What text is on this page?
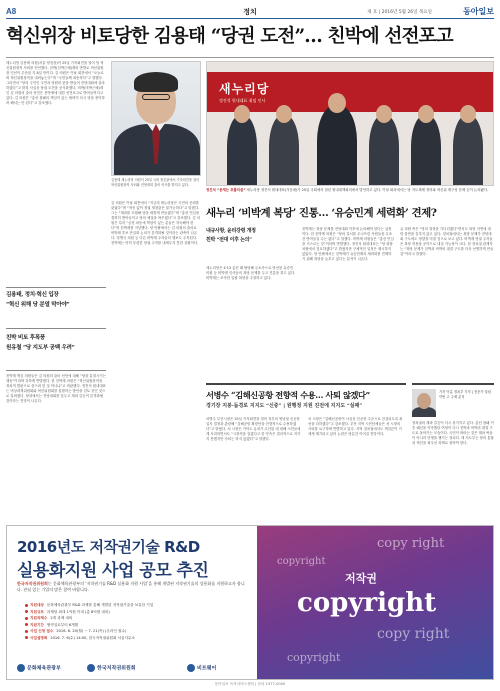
A8	정치	제 호 | 2016년 5월 26일 목요일	동아일보
혁신위장 비토당한 김용태 “당권 도전”… 친박에 선전포고
새누리당 김용태 의원(서울 양천을)이 25일 기자회견을 열어 당 혁신위원장직 사퇴를 선언했다. 친박(친박근혜)계의 반발로 혁신위원장 인선이 무산된 지 8일 만이다. 김 의원은 이날 회견에서 “오늘로써 혁신위원장직을 내려놓는다”며 “국민들께 죄송하다”고 말했다. 그러면서 “당의 주인인 국민과 당원의 뜻을 받들어 전당대회에 출마하겠다”고 밝혀 사실상 당권 도전을 공식화했다. 비박(비박근혜)계인 김 의원의 출마 선언은 친박계에 대한 선전포고로 받아들여지고 있다. 김 의원은 “총선 참패의 책임이 있는 세력이 다시 당을 장악하려 해서는 안 된다”고 강조했다.
김용태, 정치·혁신 입장
“혁신 위해 당 분열 막아야”
친박 비토 후폭풍
원유철 “당 지도부 공백 우려”
친박계 핵심 의원들은 김 의원의 출마 선언에 대해 “당을 분열시키는 행동”이라며 강하게 반발했다. 한 친박계 의원은 “혁신위원장직을 정치적 발판으로 삼으려 한 것 아니냐”고 비판했다. 정진석 원내대표는 비상대책위원회와 혁신위원회를 통합하는 방안을 검토 중인 것으로 알려졌다. 당내에서는 전당대회를 앞두고 계파 갈등이 본격화될 것이라는 전망이 나온다.
김용태 새누리당 의원이 25일 국회 정론관에서 기자회견을 열어 혁신위원장직 사퇴와 전당대회 출마 의사를 밝히고 있다.
김 의원은 이날 회견에서 “지금의 새누리당은 국민의 신뢰를 잃었다”며 “혁신 없이 정권 재창출은 불가능하다”고 말했다. 그는 “계파를 초월해 당을 새롭게 만들겠다”며 “총선 민심을 겸허히 받아들이고 당의 체질을 바꾸겠다”고 강조했다. 김 의원은 특히 “공천 파동에 책임이 있는 분들은 자숙해야 한다”며 친박계를 겨냥했다. 당 안팎에서는 김 의원의 출마로 비박계 후보 단일화 논의가 본격화될 것이라는 관측이 나온다. 정병국 의원 등 다른 비박계 주자들의 행보도 주목된다. 친박계는 아직 뚜렷한 당권 주자를 내세우지 못한 상황이다.
새누리당
정진석 원내대표 취임 인사
정진석 “문제는 포퓰리즘” 새누리당 정진석 원내대표(가운데)가 25일 국회에서 열린 원내대책회의에서 발언하고 있다. 이날 회의에서는 당 지도체제 정비와 혁신위 재구성 문제 등이 논의됐다.
새누리 ‘비박계 복당’ 진통… ‘유승민계 세력화’ 견제?
내규사항, 윤리강령 개정
친박 “전대 이후 논의”
새누리당은 4·13 총선 때 탈당해 무소속으로 당선된 유승민 의원 등 비박계 인사들의 복당 문제를 두고 진통을 겪고 있다. 비박계는 조속한 일괄 복당을 주장하고 있다.
친박계는 복당 문제를 전당대회 이후에 논의해야 한다는 입장이다. 한 친박계 의원은 “당의 질서를 무너뜨린 사람들을 무조건 받아들일 수는 없다”고 말했다. 비박계 의원들은 “총선 민심을 거스르는 것”이라며 반발했다. 정진석 원내대표는 “당 화합 차원에서 검토하겠다”고 밝혔지만 구체적인 일정은 제시하지 않았다. 당 안팎에서는 친박계가 유승민계의 세력화를 견제하기 위해 복당을 늦추고 있다는 분석이 나온다.
유 의원 측은 “당의 결정을 기다리겠다”면서도 복당 지연에 대한 불만을 감추지 않고 있다. 정치권에서는 복당 문제가 전당대회 구도에도 영향을 미칠 것으로 보고 있다. 비박계 당권 주자들은 복당 허용을 공약으로 내걸 가능성이 크다. 한 정치권 관계자는 “복당 문제가 친박과 비박의 대결 구도를 더욱 선명하게 만들 것”이라고 말했다.
서병수 “김해신공항 전향적 수용… 사퇴 않겠다”
경기장 지붕·돔경로 지지도 “신중” | 원행정 지원 진전에 지지도 “실패”
서병수 부산시장은 25일 기자회견을 열어 정부의 영남권 신공항 입지 결정과 관련해 “김해공항 확장안을 전향적으로 수용하겠다”고 밝혔다. 서 시장은 가덕도 유치가 무산된 데 대해 시민들에게 사과하면서도 “시장직을 걸겠다고 한 약속은 결과적으로 지키지 못했지만 사퇴는 하지 않겠다”고 말했다.
서 시장은 “김해신공항이 사실상 신공항 수준으로 건설되도록 최선을 다하겠다”고 강조했다. 부산 지역 시민단체들은 서 시장의 사퇴를 요구하며 반발하고 있다. 지역 정치권에서도 책임론이 거세게 제기되고 있어 논란은 당분간 이어질 전망이다.
기자 이름 정치부 기자 | 전문가 칼럼 이번 주 주제 분석
정치권의 계파 갈등이 다시 불거지고 있다. 총선 참패 이후 쇄신을 약속했던 여당이 다시 친박과 비박의 대결 구도로 돌아가는 모습이다. 국민이 바라는 것은 계파 싸움이 아니라 민생을 챙기는 정치다. 새 지도부는 당의 통합과 혁신을 최우선 과제로 삼아야 한다.
2016년도 저작권기술 R&D
실용화지원 사업 공모 추진
한국저작권위원회는 문화체육관광부의 ‘저작권기술 R&D 실용화 지원 사업’을 통해 개발된 저작권기술의 상용화를 지원하고자 합니다. 관심 있는 기업의 많은 참여 바랍니다.
지원대상 문화체육관광부 R&D 과제를 통해 개발된 저작권기술을 보유한 기업
지원규모 과제당 최대 1억원 이내 (총 8억원 내외)
지원과제수 2개 과제 내외
지원기간 협약일로부터 6개월
사업 신청 접수 2016. 6. 20(월) ~ 7. 21(목) (온라인 접수)
사업설명회 2016. 7. 6(수) 14:00, 한국저작권위원회 서울사무소
문화체육관광부	한국저작권위원회	비트웨어
copy right
copyright
저작권
copyright
copy right
copyright
동아일보 독자서비스센터 | 문의 1577-0000
